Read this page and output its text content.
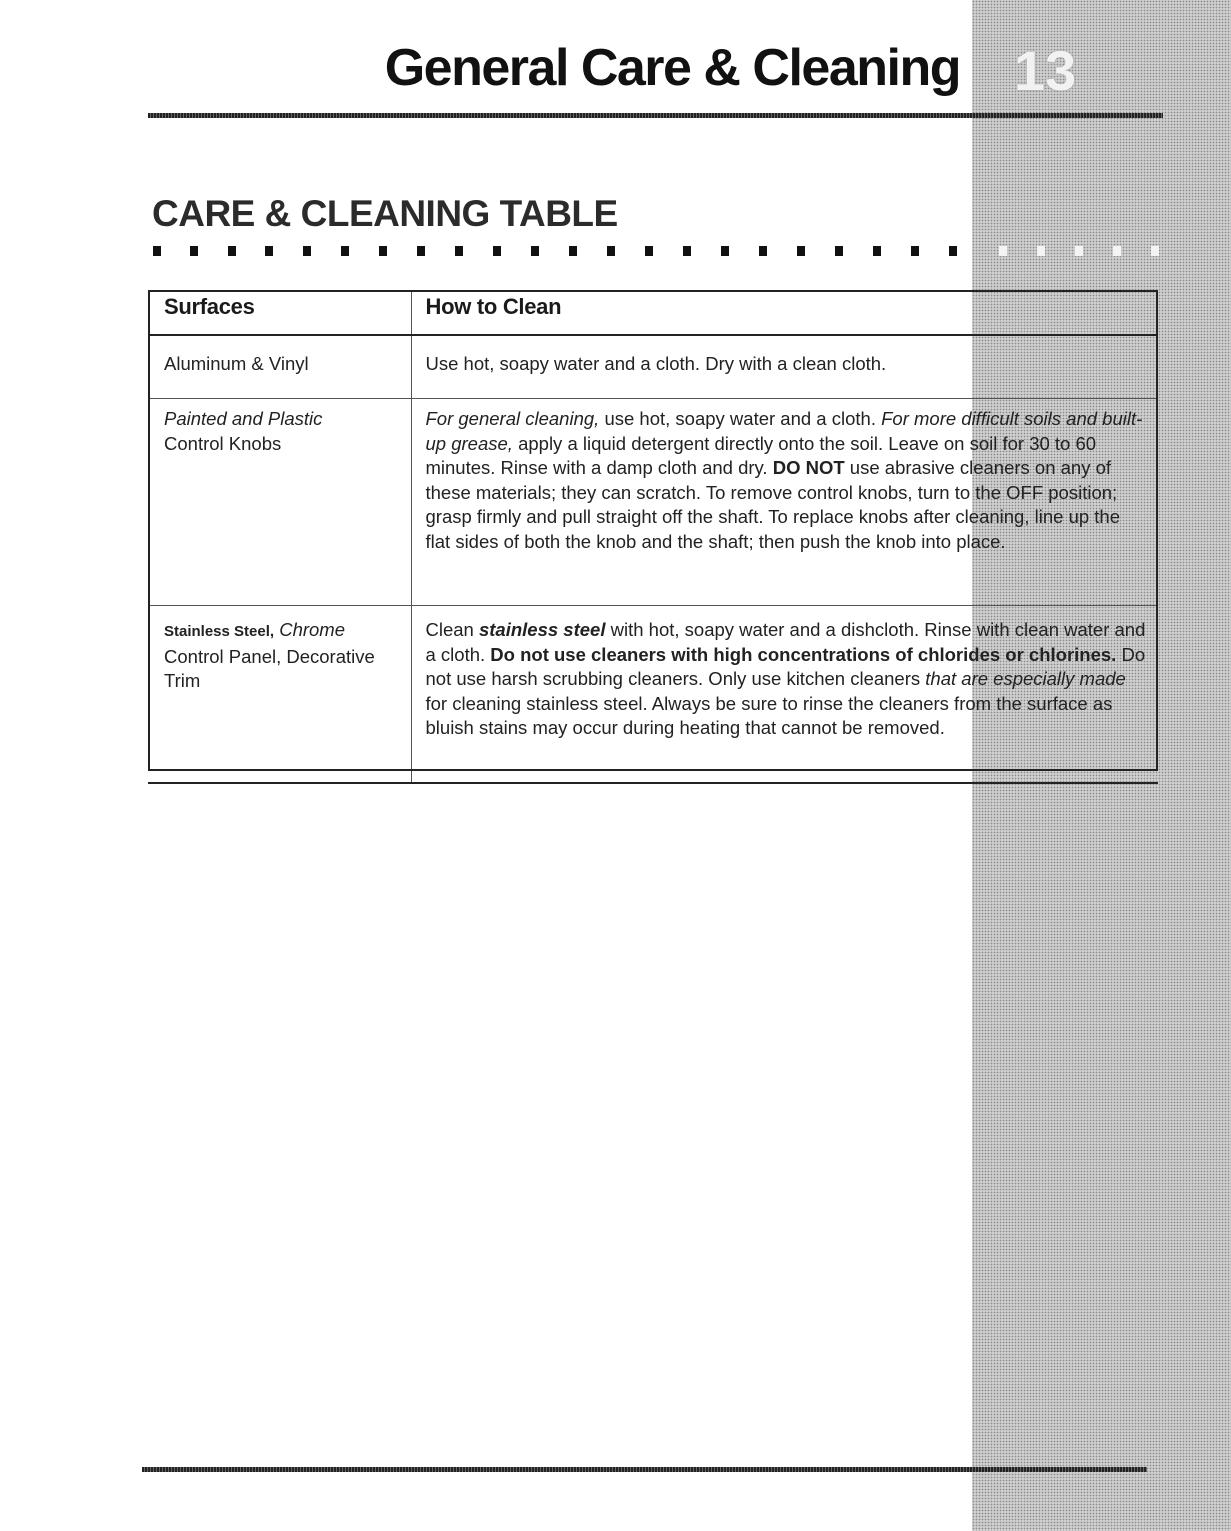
General Care & Cleaning 13
CARE & CLEANING TABLE
Surfaces	How to Clean
Aluminum & Vinyl	Use hot, soapy water and a cloth. Dry with a clean cloth.
Painted and Plastic
Control Knobs	For general cleaning, use hot, soapy water and a cloth. For more difficult soils and built-up grease, apply a liquid detergent directly onto the soil. Leave on soil for 30 to 60 minutes. Rinse with a damp cloth and dry. DO NOT use abrasive cleaners on any of these materials; they can scratch. To remove control knobs, turn to the OFF position; grasp firmly and pull straight off the shaft. To replace knobs after cleaning, line up the flat sides of both the knob and the shaft; then push the knob into place.
Stainless Steel, Chrome
Control Panel, Decorative Trim	Clean stainless steel with hot, soapy water and a dishcloth. Rinse with clean water and a cloth. Do not use cleaners with high concentrations of chlorides or chlorines. Do not use harsh scrubbing cleaners. Only use kitchen cleaners that are especially made for cleaning stainless steel. Always be sure to rinse the cleaners from the surface as bluish stains may occur during heating that cannot be removed.
